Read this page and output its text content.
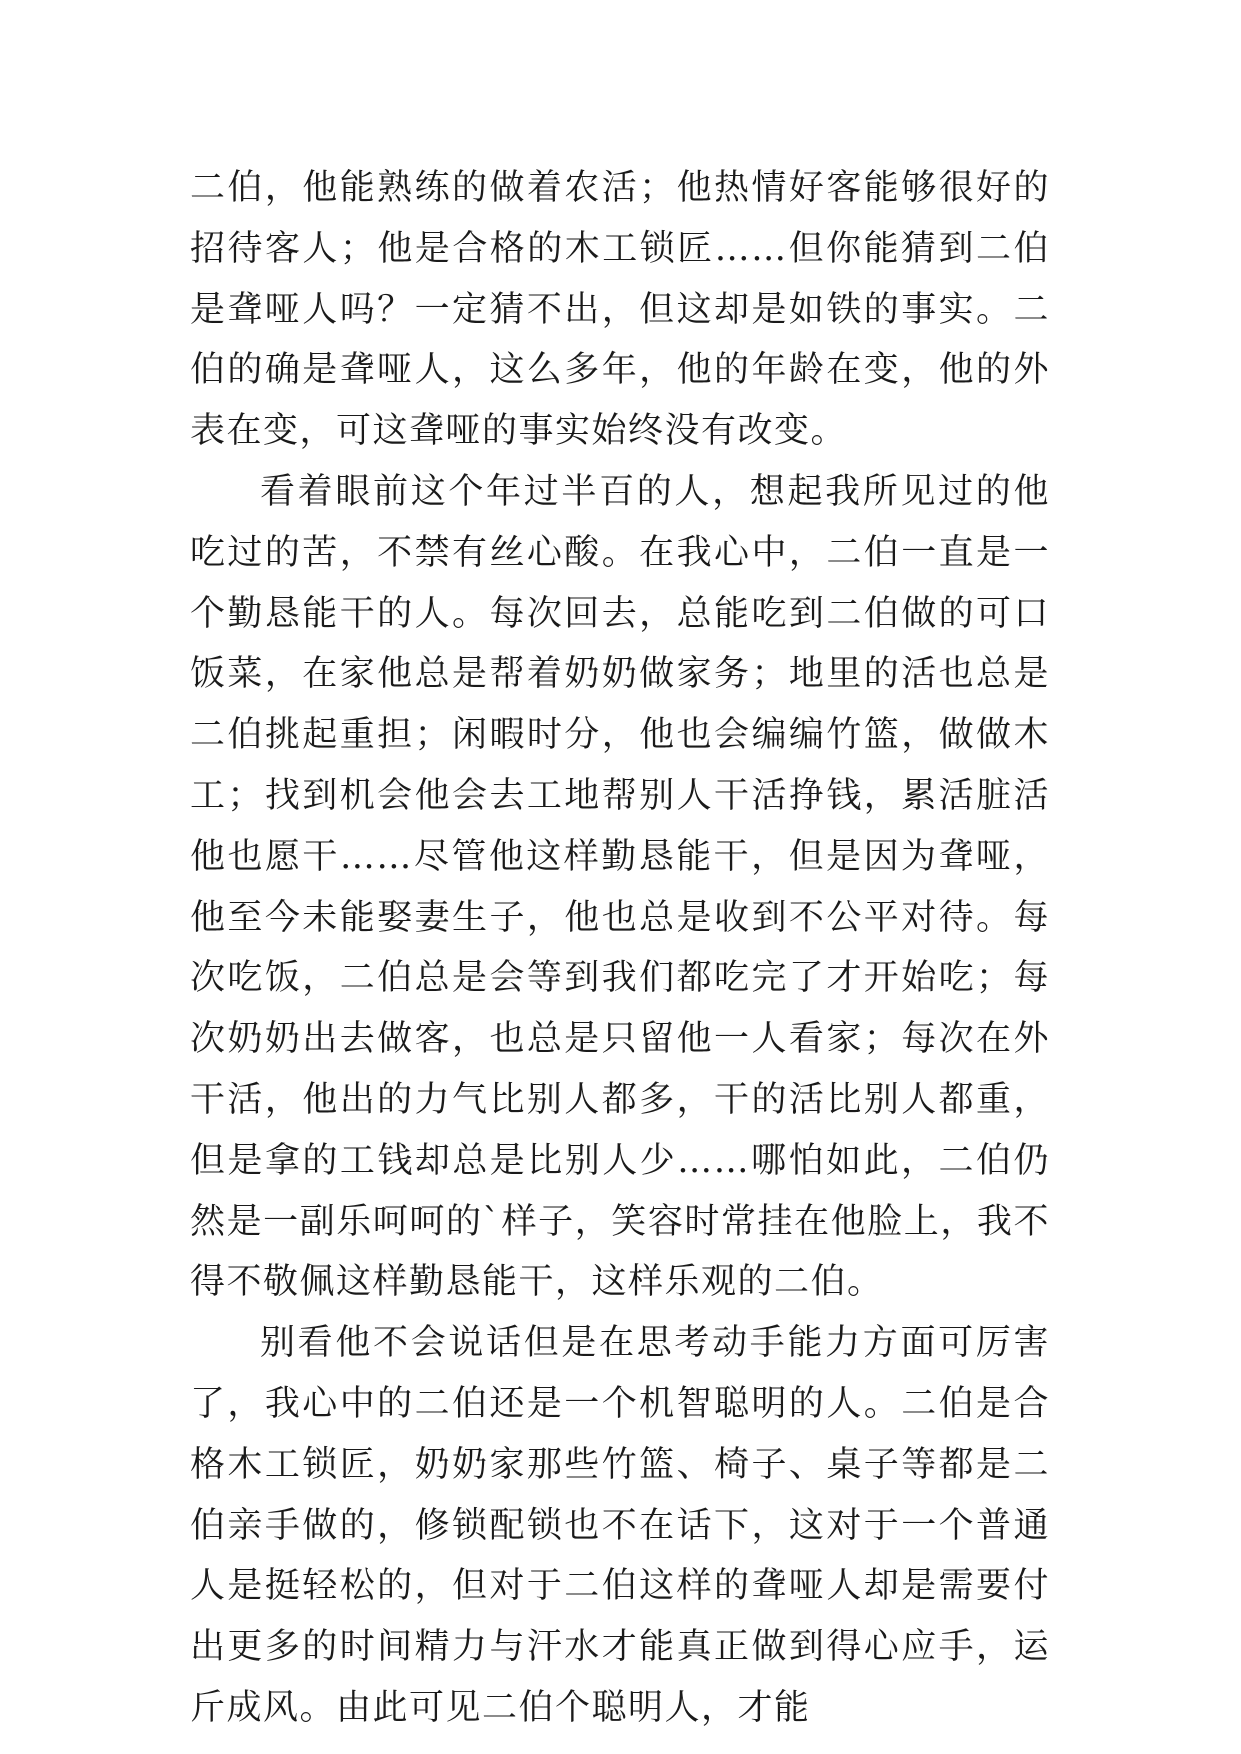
二伯，他能熟练的做着农活；他热情好客能够很好的招待客人；他是合格的木工锁匠……但你能猜到二伯是聋哑人吗？一定猜不出，但这却是如铁的事实。二伯的确是聋哑人，这么多年，他的年龄在变，他的外表在变，可这聋哑的事实始终没有改变。

看着眼前这个年过半百的人，想起我所见过的他吃过的苦，不禁有丝心酸。在我心中，二伯一直是一个勤恳能干的人。每次回去，总能吃到二伯做的可口饭菜，在家他总是帮着奶奶做家务；地里的活也总是二伯挑起重担；闲暇时分，他也会编编竹篮，做做木工；找到机会他会去工地帮别人干活挣钱，累活脏活他也愿干……尽管他这样勤恳能干，但是因为聋哑，他至今未能娶妻生子，他也总是收到不公平对待。每次吃饭，二伯总是会等到我们都吃完了才开始吃；每次奶奶出去做客，也总是只留他一人看家；每次在外干活，他出的力气比别人都多，干的活比别人都重，但是拿的工钱却总是比别人少……哪怕如此，二伯仍然是一副乐呵呵的`样子，笑容时常挂在他脸上，我不得不敬佩这样勤恳能干，这样乐观的二伯。

别看他不会说话但是在思考动手能力方面可厉害了，我心中的二伯还是一个机智聪明的人。二伯是合格木工锁匠，奶奶家那些竹篮、椅子、桌子等都是二伯亲手做的，修锁配锁也不在话下，这对于一个普通人是挺轻松的，但对于二伯这样的聋哑人却是需要付出更多的时间精力与汗水才能真正做到得心应手，运斤成风。由此可见二伯个聪明人，才能
